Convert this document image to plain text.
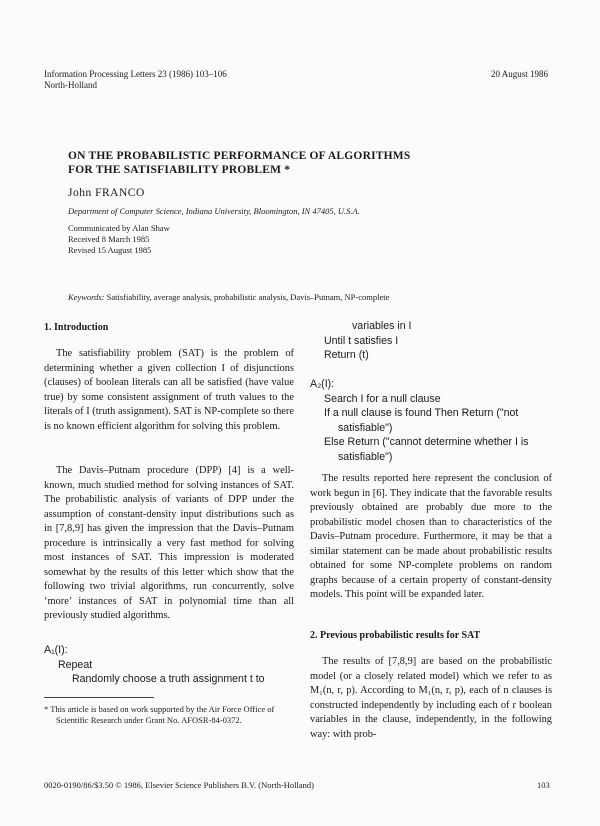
Information Processing Letters 23 (1986) 103–106
North-Holland
20 August 1986
ON THE PROBABILISTIC PERFORMANCE OF ALGORITHMS
FOR THE SATISFIABILITY PROBLEM *
John FRANCO
Department of Computer Science, Indiana University, Bloomington, IN 47405, U.S.A.
Communicated by Alan Shaw
Received 8 March 1985
Revised 15 August 1985
Keywords: Satisfiability, average analysis, probabilistic analysis, Davis–Putnam, NP-complete
1. Introduction

The satisfiability problem (SAT) is the problem of determining whether a given collection I of disjunctions (clauses) of boolean literals can all be satisfied (have value true) by some consistent assignment of truth values to the literals of I (truth assignment). SAT is NP-complete so there is no known efficient algorithm for solving this problem.

The Davis–Putnam procedure (DPP) [4] is a well-known, much studied method for solving instances of SAT. The probabilistic analysis of variants of DPP under the assumption of constant-density input distributions such as in [7,8,9] has given the impression that the Davis–Putnam procedure is intrinsically a very fast method for solving most instances of SAT. This impression is moderated somewhat by the results of this letter which show that the following two trivial algorithms, run concurrently, solve ‘more’ instances of SAT in polynomial time than all previously studied algorithms.

A₁(I):
Repeat
Randomly choose a truth assignment t to
* This article is based on work supported by the Air Force Office of Scientific Research under Grant No. AFOSR-84-0372.
variables in I
Until t satisfies I
Return (t)
A₂(I):
Search I for a null clause
If a null clause is found Then Return ("not
satisfiable")
Else Return ("cannot determine whether I is
satisfiable")

The results reported here represent the conclusion of work begun in [6]. They indicate that the favorable results previously obtained are probably due more to the probabilistic model chosen than to characteristics of the Davis–Putnam procedure. Furthermore, it may be that a similar statement can be made about probabilistic results obtained for some NP-complete problems on random graphs because of a certain property of constant-density models. This point will be expanded later.

2. Previous probabilistic results for SAT

The results of [7,8,9] are based on the probabilistic model (or a closely related model) which we refer to as M₁(n, r, p). According to M₁(n, r, p), each of n clauses is constructed independently by including each of r boolean variables in the clause, independently, in the following way: with prob-

0020-0190/86/$3.50 © 1986, Elsevier Science Publishers B.V. (North-Holland)	103
